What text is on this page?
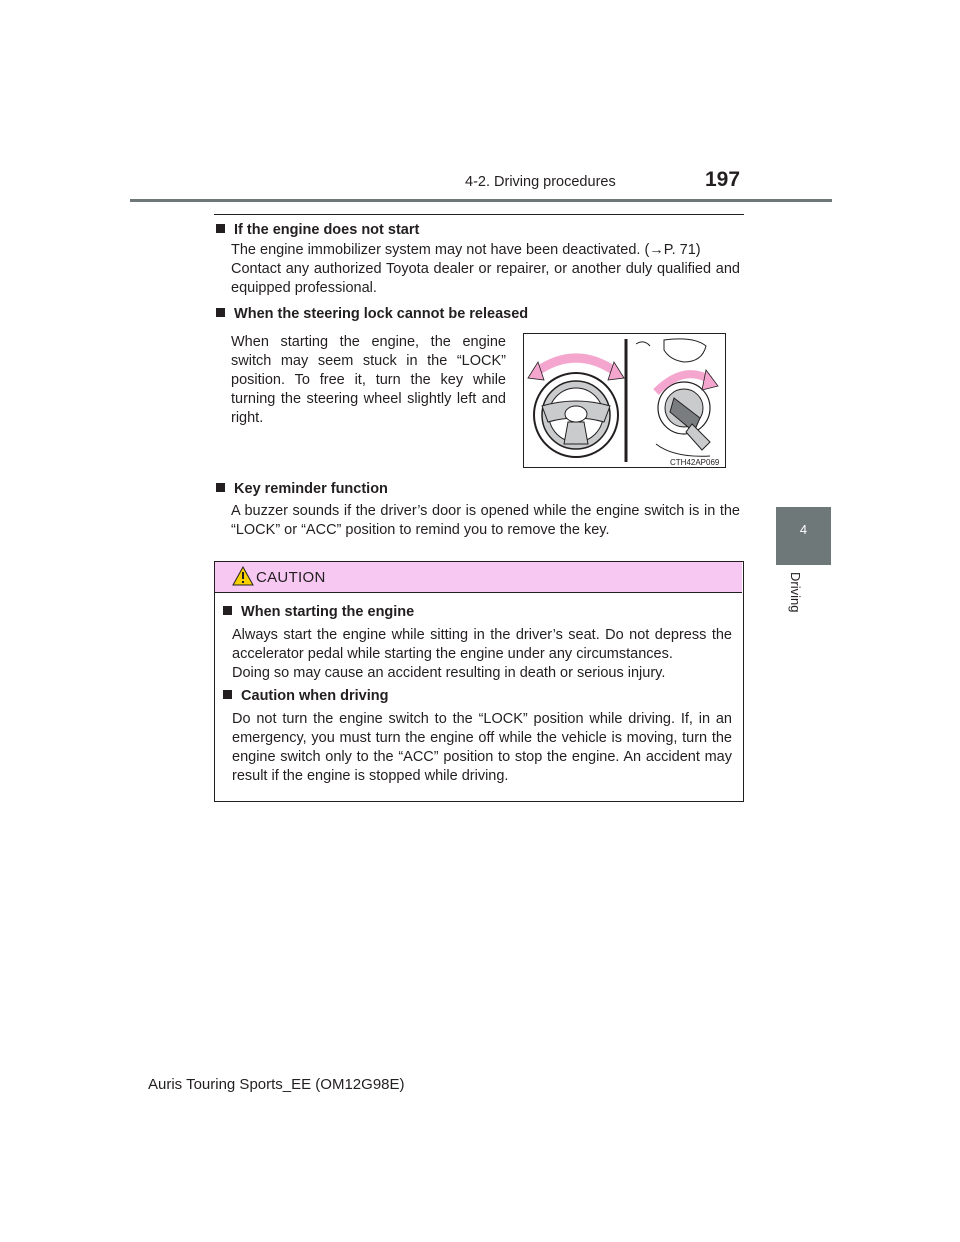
4-2. Driving procedures	197
4
Driving
If the engine does not start
The engine immobilizer system may not have been deactivated. (→P. 71)
Contact any authorized Toyota dealer or repairer, or another duly qualified and equipped professional.
When the steering lock cannot be released
When starting the engine, the engine switch may seem stuck in the “LOCK” position. To free it, turn the key while turning the steering wheel slightly left and right.
CTH42AP069
Key reminder function
A buzzer sounds if the driver’s door is opened while the engine switch is in the “LOCK” or “ACC” position to remind you to remove the key.
CAUTION
When starting the engine
Always start the engine while sitting in the driver’s seat. Do not depress the accelerator pedal while starting the engine under any circumstances.
Doing so may cause an accident resulting in death or serious injury.
Caution when driving
Do not turn the engine switch to the “LOCK” position while driving. If, in an emergency, you must turn the engine off while the vehicle is moving, turn the engine switch only to the “ACC” position to stop the engine. An accident may result if the engine is stopped while driving.
Auris Touring Sports_EE (OM12G98E)
